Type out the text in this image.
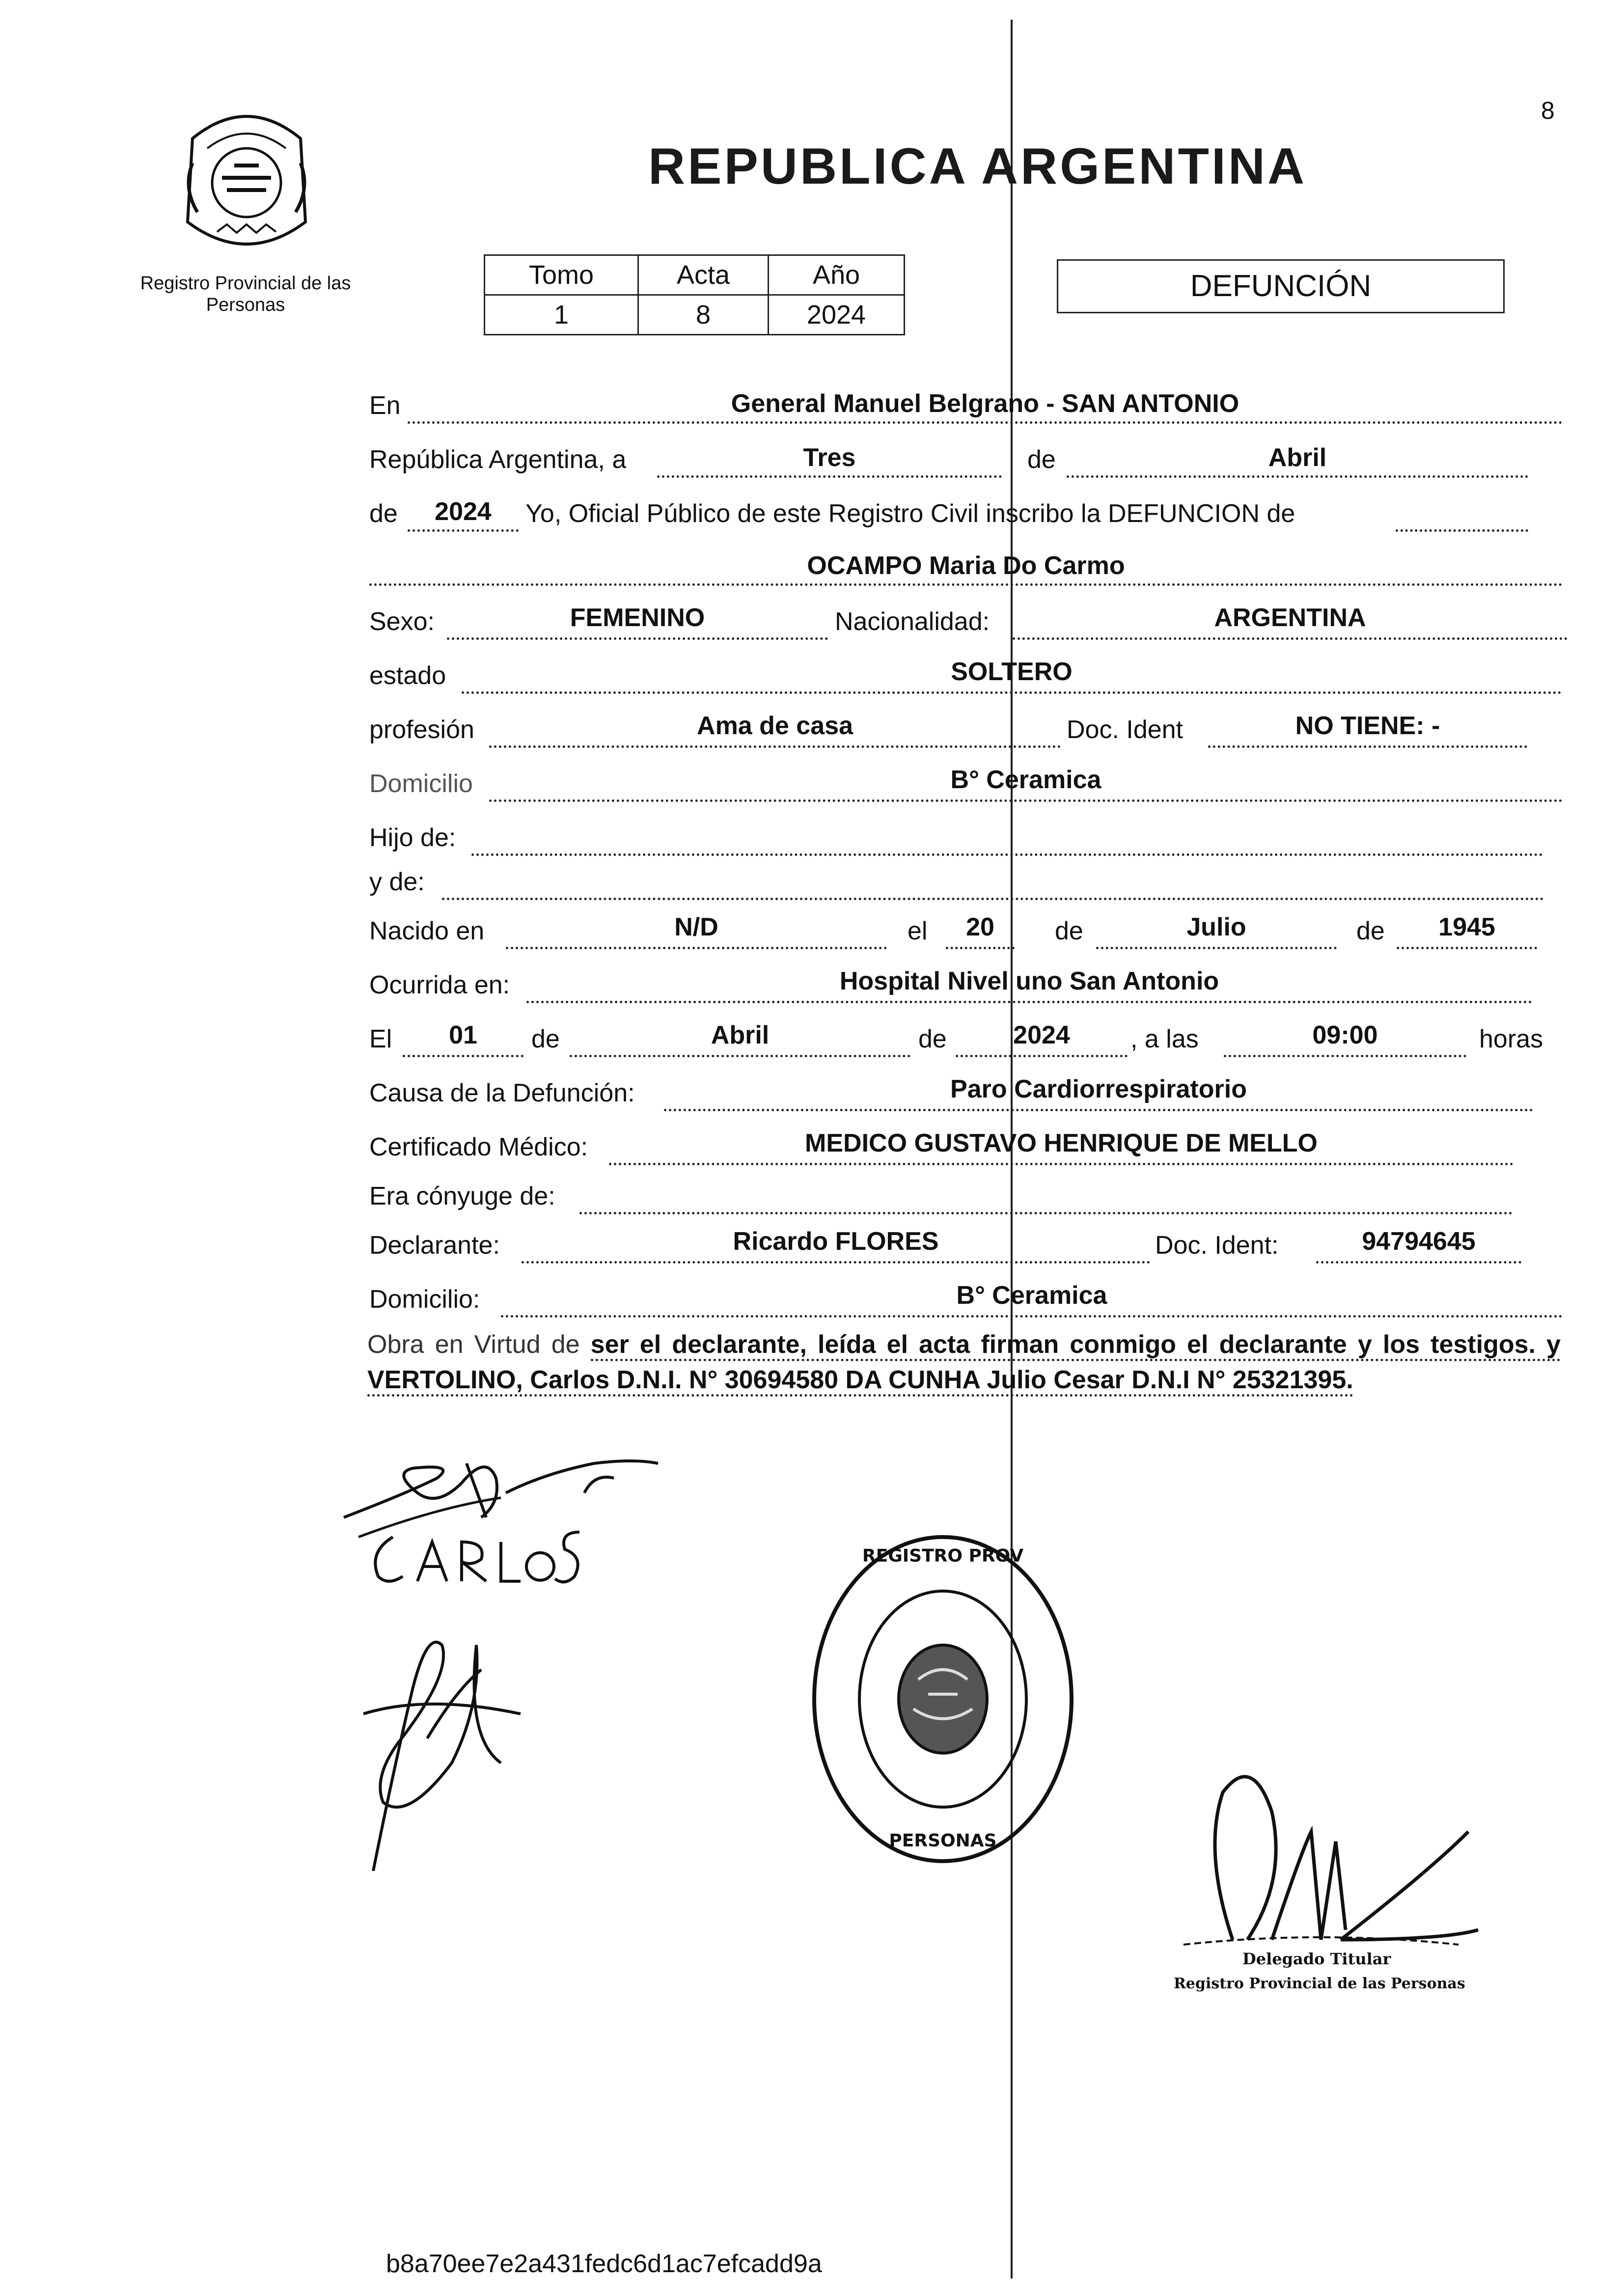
8
Registro Provincial de las Personas
REPUBLICA ARGENTINA
Tomo	Acta	Año
1	8	2024
DEFUNCIÓN
En	General Manuel Belgrano - SAN ANTONIO
República Argentina, a	Tres	de	Abril
de	2024	Yo, Oficial Público de este Registro Civil inscribo la DEFUNCION de
OCAMPO Maria Do Carmo
Sexo:	FEMENINO	Nacionalidad:	ARGENTINA
estado	SOLTERO
profesión	Ama de casa	Doc. Ident	NO TIENE: -
Domicilio	B° Ceramica
Hijo de:
y de:
Nacido en	N/D	el	20	de	Julio	de	1945
Ocurrida en:	Hospital Nivel uno San Antonio
El	01	de	Abril	de	2024	, a las	09:00	horas
Causa de la Defunción:	Paro Cardiorrespiratorio
Certificado Médico:	MEDICO GUSTAVO HENRIQUE DE MELLO
Era cónyuge de:
Declarante:	Ricardo FLORES	Doc. Ident:	94794645
Domicilio:	B° Ceramica
Obra en Virtud de ser el declarante, leída el acta firman conmigo el declarante y los testigos. y VERTOLINO, Carlos D.N.I. N° 30694580 DA CUNHA Julio Cesar D.N.I N° 25321395.
REGISTRO PROV
PERSONAS
Delegado Titular
Registro Provincial de las Personas
b8a70ee7e2a431fedc6d1ac7efcadd9a
